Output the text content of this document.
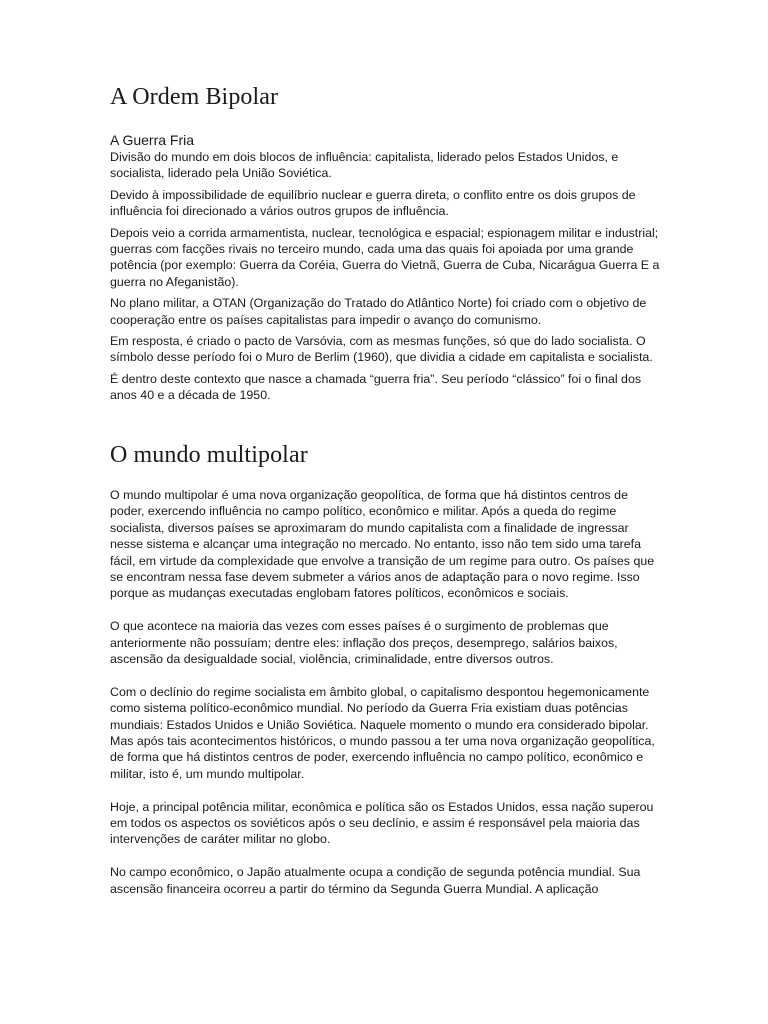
A Ordem Bipolar
A Guerra Fria

Divisão do mundo em dois blocos de influência: capitalista, liderado pelos Estados Unidos, e socialista, liderado pela União Soviética.

Devido à impossibilidade de equilíbrio nuclear e guerra direta, o conflito entre os dois grupos de influência foi direcionado a vários outros grupos de influência.

Depois veio a corrida armamentista, nuclear, tecnológica e espacial; espionagem militar e industrial; guerras com facções rivais no terceiro mundo, cada uma das quais foi apoiada por uma grande potência (por exemplo: Guerra da Coréia, Guerra do Vietnã, Guerra de Cuba, Nicarágua Guerra E a guerra no Afeganistão).

No plano militar, a OTAN (Organização do Tratado do Atlântico Norte) foi criado com o objetivo de cooperação entre os países capitalistas para impedir o avanço do comunismo.

Em resposta, é criado o pacto de Varsóvia, com as mesmas funções, só que do lado socialista. O símbolo desse período foi o Muro de Berlim (1960), que dividia a cidade em capitalista e socialista.

É dentro deste contexto que nasce a chamada “guerra fria”. Seu período “clássico” foi o final dos anos 40 e a década de 1950.

O mundo multipolar

O mundo multipolar é uma nova organização geopolítica, de forma que há distintos centros de poder, exercendo influência no campo político, econômico e militar. Após a queda do regime socialista, diversos países se aproximaram do mundo capitalista com a finalidade de ingressar nesse sistema e alcançar uma integração no mercado. No entanto, isso não tem sido uma tarefa fácil, em virtude da complexidade que envolve a transição de um regime para outro. Os países que se encontram nessa fase devem submeter a vários anos de adaptação para o novo regime. Isso porque as mudanças executadas englobam fatores políticos, econômicos e sociais.

O que acontece na maioria das vezes com esses países é o surgimento de problemas que anteriormente não possuíam; dentre eles: inflação dos preços, desemprego, salários baixos, ascensão da desigualdade social, violência, criminalidade, entre diversos outros.

Com o declínio do regime socialista em âmbito global, o capitalismo despontou hegemonicamente como sistema político-econômico mundial. No período da Guerra Fria existiam duas potências mundiais: Estados Unidos e União Soviética. Naquele momento o mundo era considerado bipolar.

Mas após tais acontecimentos históricos, o mundo passou a ter uma nova organização geopolítica, de forma que há distintos centros de poder, exercendo influência no campo político, econômico e militar, isto é, um mundo multipolar.

Hoje, a principal potência militar, econômica e política são os Estados Unidos, essa nação superou em todos os aspectos os soviéticos após o seu declínio, e assim é responsável pela maioria das intervenções de caráter militar no globo.

No campo econômico, o Japão atualmente ocupa a condição de segunda potência mundial. Sua ascensão financeira ocorreu a partir do término da Segunda Guerra Mundial. A aplicação
